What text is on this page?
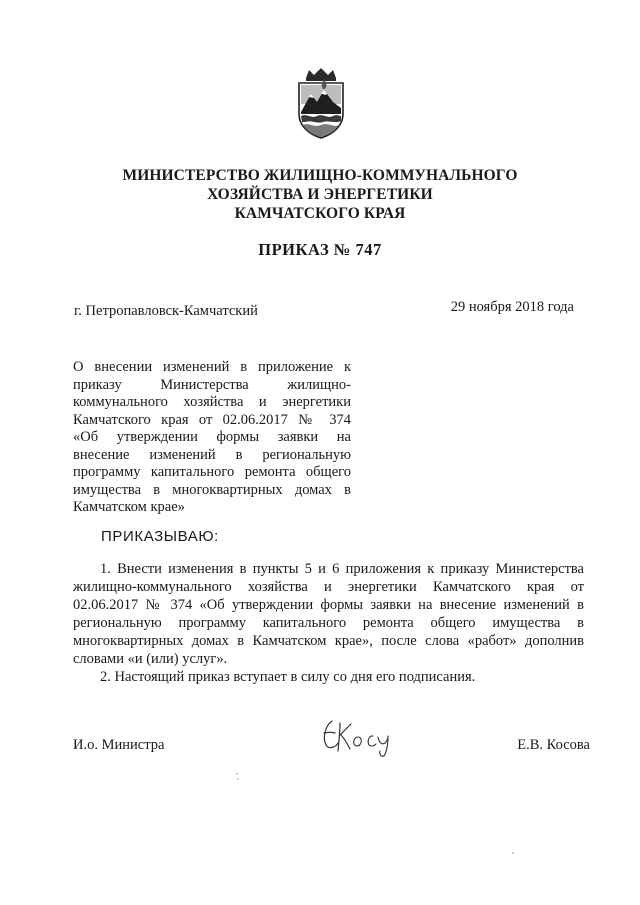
МИНИСТЕРСТВО ЖИЛИЩНО-КОММУНАЛЬНОГО
ХОЗЯЙСТВА И ЭНЕРГЕТИКИ
КАМЧАТСКОГО КРАЯ
ПРИКАЗ № 747
г. Петропавловск-Камчатский	29 ноября 2018 года
О внесении изменений в приложение к
приказу Министерства жилищно-
коммунального хозяйства и энергетики
Камчатского края от 02.06.2017 № 374
«Об утверждении формы заявки на
внесение изменений в региональную
программу капитального ремонта общего
имущества в многоквартирных домах в
Камчатском крае»
ПРИКАЗЫВАЮ:
1. Внести изменения в пункты 5 и 6 приложения к приказу Министерства
жилищно-коммунального хозяйства и энергетики Камчатского края от
02.06.2017 № 374 «Об утверждении формы заявки на внесение изменений в
региональную программу капитального ремонта общего имущества в
многоквартирных домах в Камчатском крае», после слова «работ» дополнив
словами «и (или) услуг».
2. Настоящий приказ вступает в силу со дня его подписания.
И.о. Министра	Е.В. Косова
